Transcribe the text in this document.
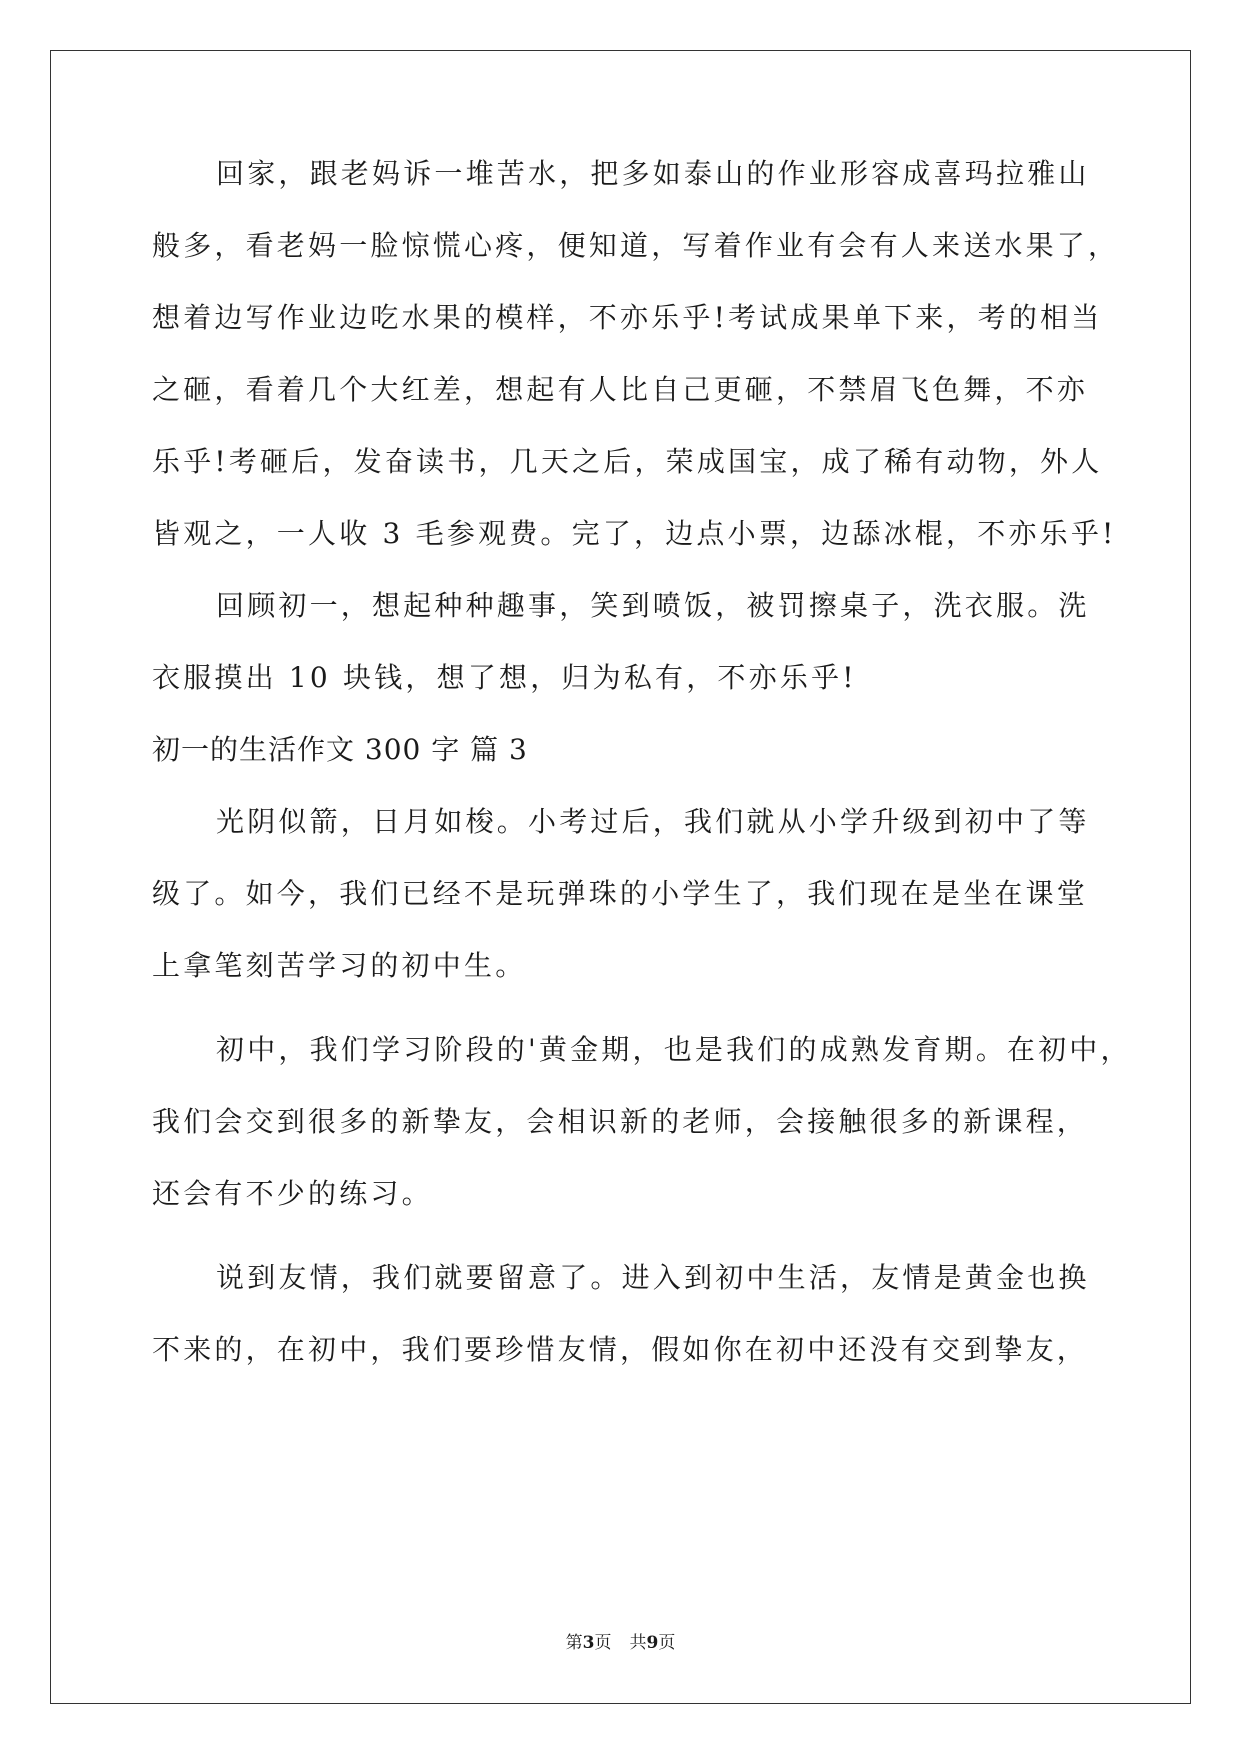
回家，跟老妈诉一堆苦水，把多如泰山的作业形容成喜玛拉雅山
般多，看老妈一脸惊慌心疼，便知道，写着作业有会有人来送水果了，
想着边写作业边吃水果的模样，不亦乐乎!考试成果单下来，考的相当
之砸，看着几个大红差，想起有人比自己更砸，不禁眉飞色舞，不亦
乐乎!考砸后，发奋读书，几天之后，荣成国宝，成了稀有动物，外人
皆观之，一人收 3 毛参观费。完了，边点小票，边舔冰棍，不亦乐乎!
回顾初一，想起种种趣事，笑到喷饭，被罚擦桌子，洗衣服。洗
衣服摸出 10 块钱，想了想，归为私有，不亦乐乎!
初一的生活作文 300 字 篇 3
光阴似箭，日月如梭。小考过后，我们就从小学升级到初中了等
级了。如今，我们已经不是玩弹珠的小学生了，我们现在是坐在课堂
上拿笔刻苦学习的初中生。
初中，我们学习阶段的'黄金期，也是我们的成熟发育期。在初中，
我们会交到很多的新挚友，会相识新的老师，会接触很多的新课程，
还会有不少的练习。
说到友情，我们就要留意了。进入到初中生活，友情是黄金也换
不来的，在初中，我们要珍惜友情，假如你在初中还没有交到挚友，
第3页 共9页
